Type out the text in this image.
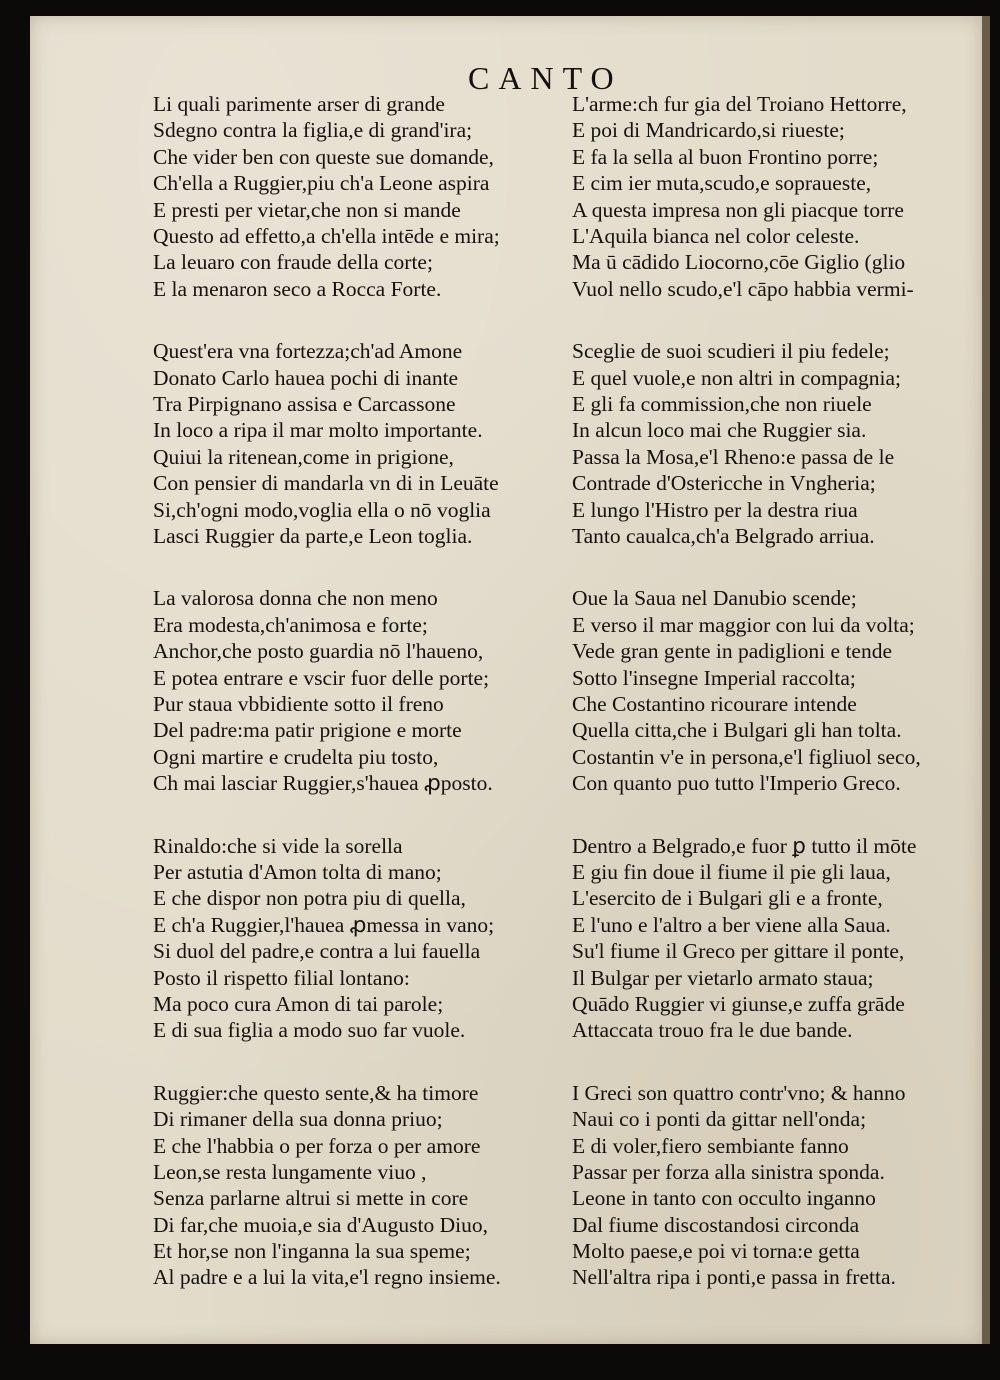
CANTO
Li quali parimente arser di grande
Sdegno contra la figlia,e di grand'ira;
Che vider ben con queste sue domande,
Ch'ella a Ruggier,piu ch'a Leone aspira
E presti per vietar,che non si mande
Questo ad effetto,a ch'ella intēde e mira;
La leuaro con fraude della corte;
E la menaron seco a Rocca Forte.
Quest'era vna fortezza;ch'ad Amone
Donato Carlo hauea pochi di inante
Tra Pirpignano assisa e Carcassone
In loco a ripa il mar molto importante.
Quiui la ritenean,come in prigione,
Con pensier di mandarla vn di in Leuāte
Si,ch'ogni modo,voglia ella o nō voglia
Lasci Ruggier da parte,e Leon toglia.
La valorosa donna che non meno
Era modesta,ch'animosa e forte;
Anchor,che posto guardia nō l'haueno,
E potea entrare e vscir fuor delle porte;
Pur staua vbbidiente sotto il freno
Del padre:ma patir prigione e morte
Ogni martire e crudelta piu tosto,
Ch mai lasciar Ruggier,s'hauea ꝓposto.
Rinaldo:che si vide la sorella
Per astutia d'Amon tolta di mano;
E che dispor non potra piu di quella,
E ch'a Ruggier,l'hauea ꝓmessa in vano;
Si duol del padre,e contra a lui fauella
Posto il rispetto filial lontano:
Ma poco cura Amon di tai parole;
E di sua figlia a modo suo far vuole.
Ruggier:che questo sente,& ha timore
Di rimaner della sua donna priuo;
E che l'habbia o per forza o per amore
Leon,se resta lungamente viuo ,
Senza parlarne altrui si mette in core
Di far,che muoia,e sia d'Augusto Diuo,
Et hor,se non l'inganna la sua speme;
Al padre e a lui la vita,e'l regno insieme.
L'arme:ch fur gia del Troiano Hettorre,
E poi di Mandricardo,si riueste;
E fa la sella al buon Frontino porre;
E cim ier muta,scudo,e sopraueste,
A questa impresa non gli piacque torre
L'Aquila bianca nel color celeste.
Ma ū cādido Liocorno,cōe Giglio (glio
Vuol nello scudo,e'l cāpo habbia vermi-
Sceglie de suoi scudieri il piu fedele;
E quel vuole,e non altri in compagnia;
E gli fa commission,che non riuele
In alcun loco mai che Ruggier sia.
Passa la Mosa,e'l Rheno:e passa de le
Contrade d'Ostericche in Vngheria;
E lungo l'Histro per la destra riua
Tanto caualca,ch'a Belgrado arriua.
Oue la Saua nel Danubio scende;
E verso il mar maggior con lui da volta;
Vede gran gente in padiglioni e tende
Sotto l'insegne Imperial raccolta;
Che Costantino ricourare intende
Quella citta,che i Bulgari gli han tolta.
Costantin v'e in persona,e'l figliuol seco,
Con quanto puo tutto l'Imperio Greco.
Dentro a Belgrado,e fuor ꝑ tutto il mōte
E giu fin doue il fiume il pie gli laua,
L'esercito de i Bulgari gli e a fronte,
E l'uno e l'altro a ber viene alla Saua.
Su'l fiume il Greco per gittare il ponte,
Il Bulgar per vietarlo armato staua;
Quādo Ruggier vi giunse,e zuffa grāde
Attaccata trouo fra le due bande.
I Greci son quattro contr'vno; & hanno
Naui co i ponti da gittar nell'onda;
E di voler,fiero sembiante fanno
Passar per forza alla sinistra sponda.
Leone in tanto con occulto inganno
Dal fiume discostandosi circonda
Molto paese,e poi vi torna:e getta
Nell'altra ripa i ponti,e passa in fretta.
